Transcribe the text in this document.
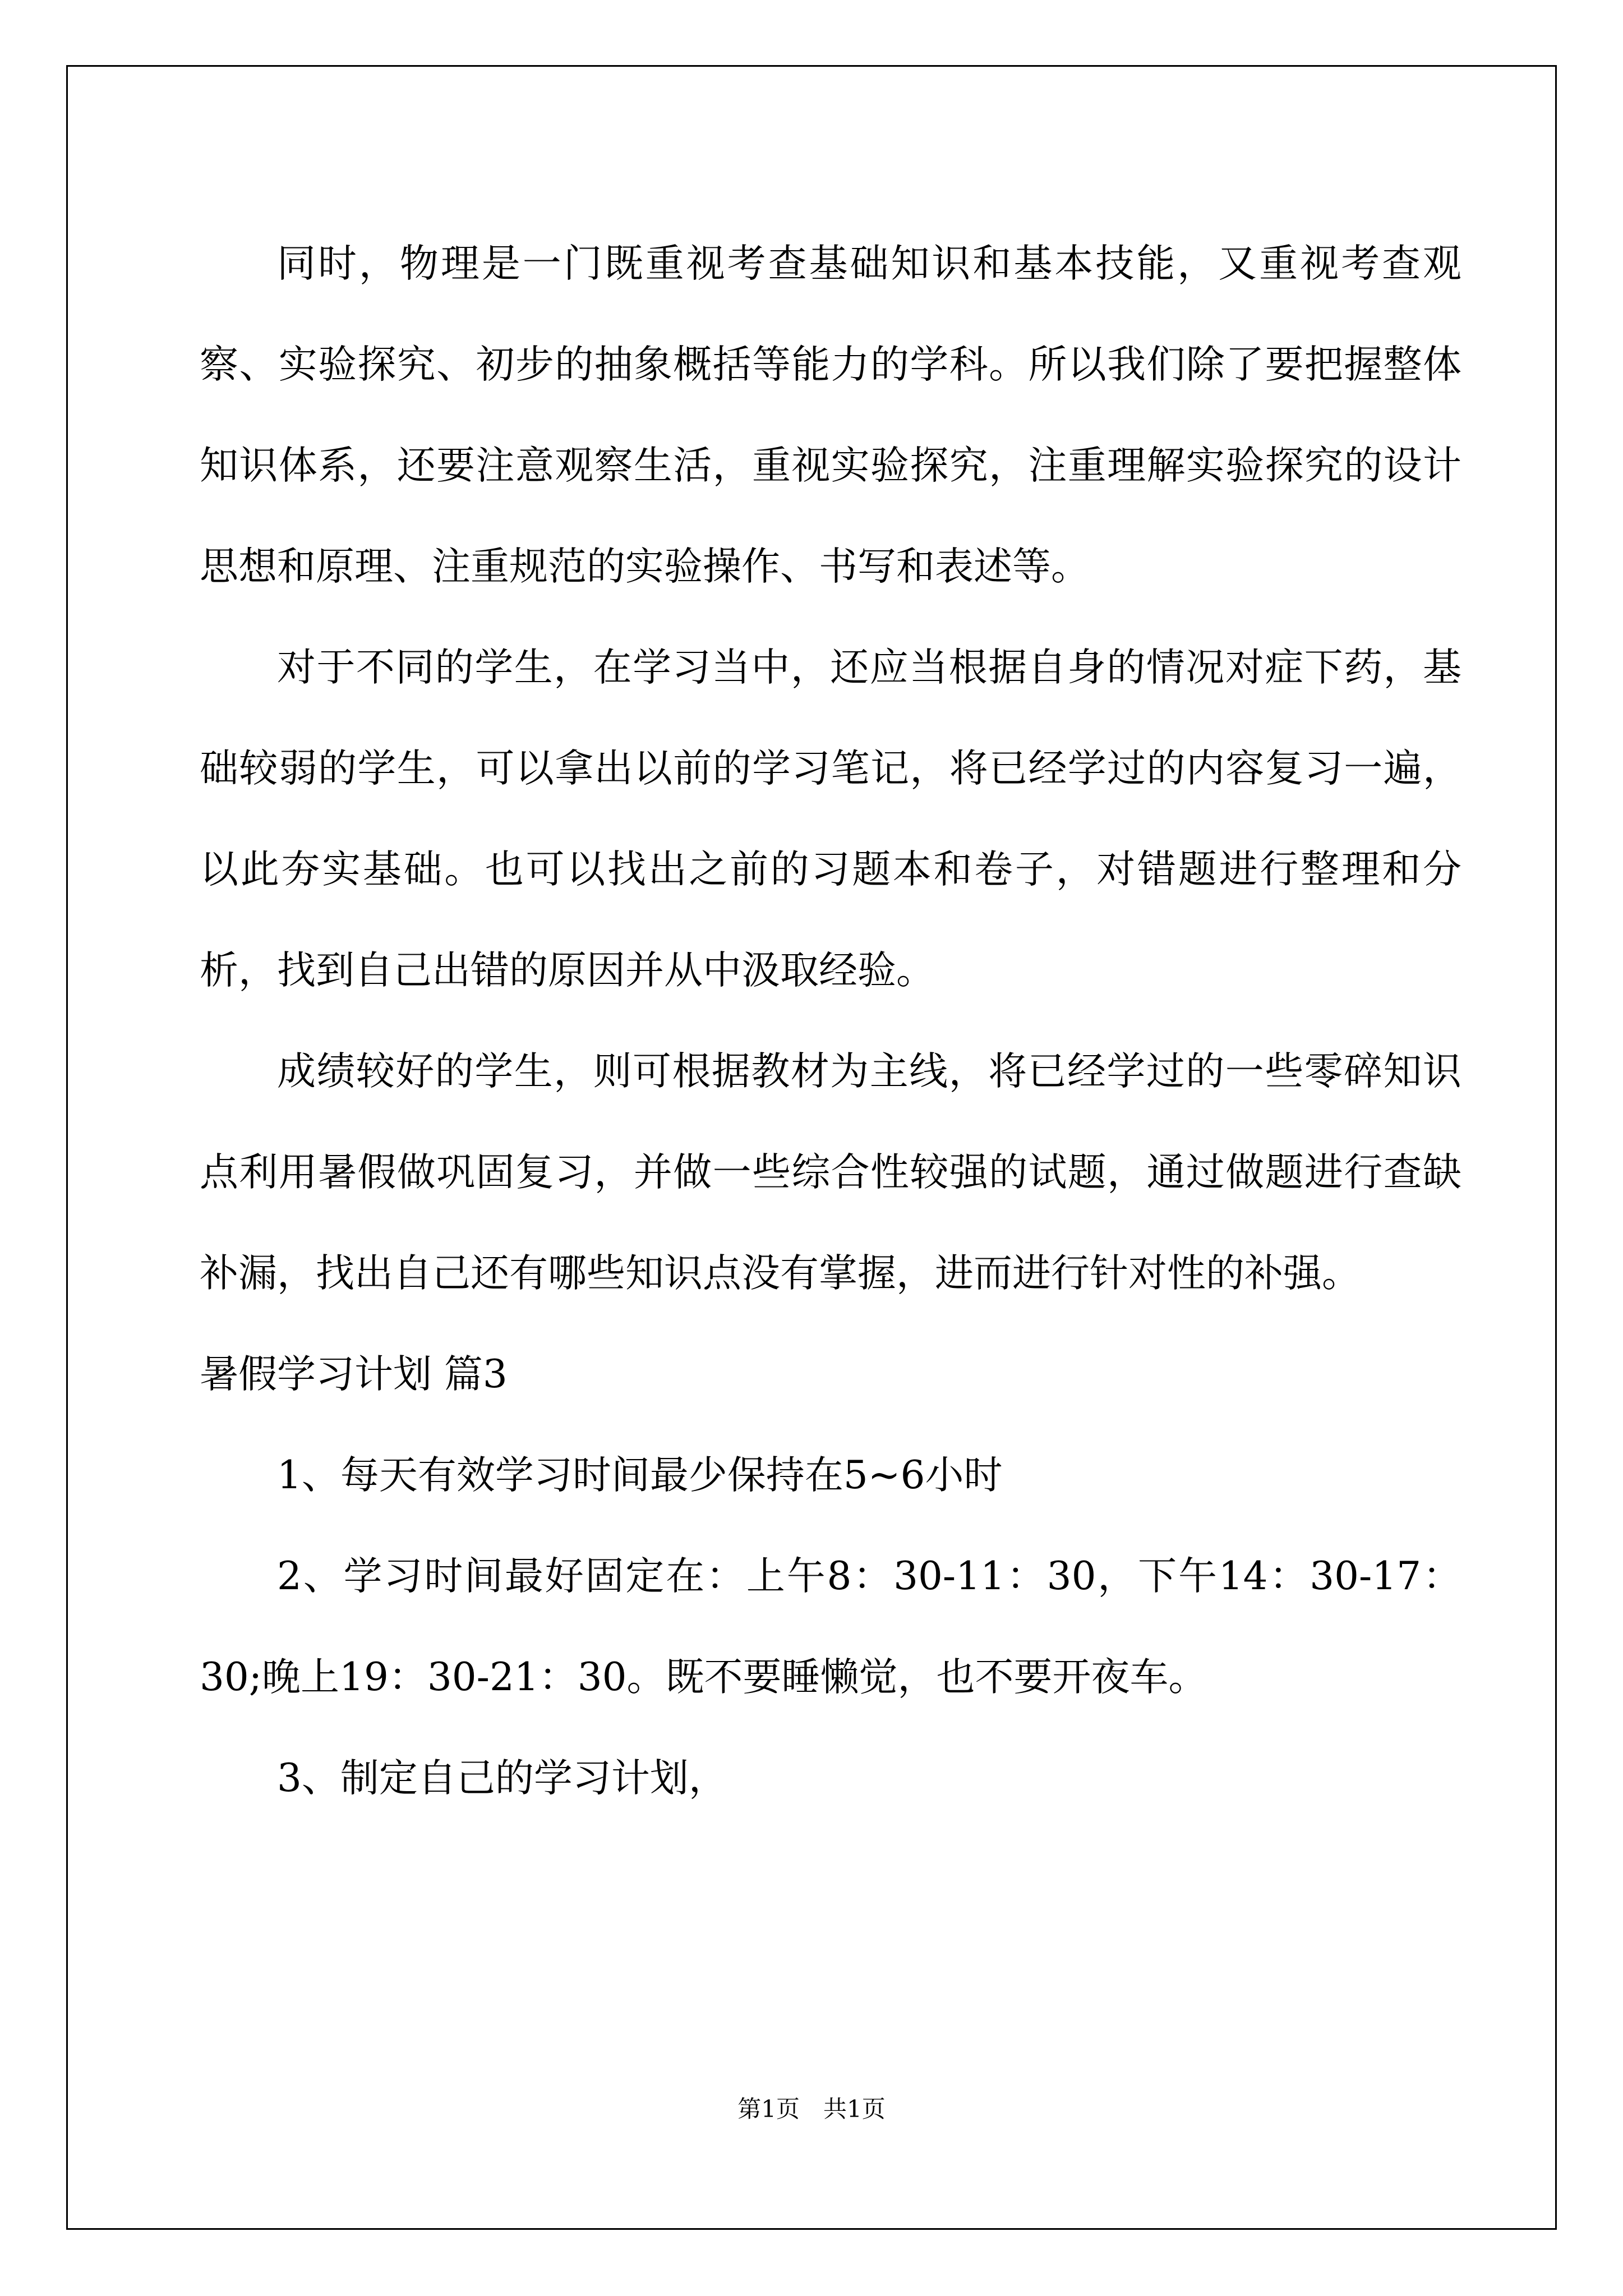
同时，物理是一门既重视考查基础知识和基本技能，又重视考查观察、实验探究、初步的抽象概括等能力的学科。所以我们除了要把握整体知识体系，还要注意观察生活，重视实验探究，注重理解实验探究的设计思想和原理、注重规范的实验操作、书写和表述等。

对于不同的学生，在学习当中，还应当根据自身的情况对症下药，基础较弱的学生，可以拿出以前的学习笔记，将已经学过的内容复习一遍，以此夯实基础。也可以找出之前的习题本和卷子，对错题进行整理和分析，找到自己出错的原因并从中汲取经验。

成绩较好的学生，则可根据教材为主线，将已经学过的一些零碎知识点利用暑假做巩固复习，并做一些综合性较强的试题，通过做题进行查缺补漏，找出自己还有哪些知识点没有掌握，进而进行针对性的补强。

暑假学习计划 篇3

1、每天有效学习时间最少保持在5~6小时

2、学习时间最好固定在：上午8：30-11：30，下午14：30-17：30;晚上19：30-21：30。既不要睡懒觉，也不要开夜车。

3、制定自己的学习计划，

第1页　共1页
